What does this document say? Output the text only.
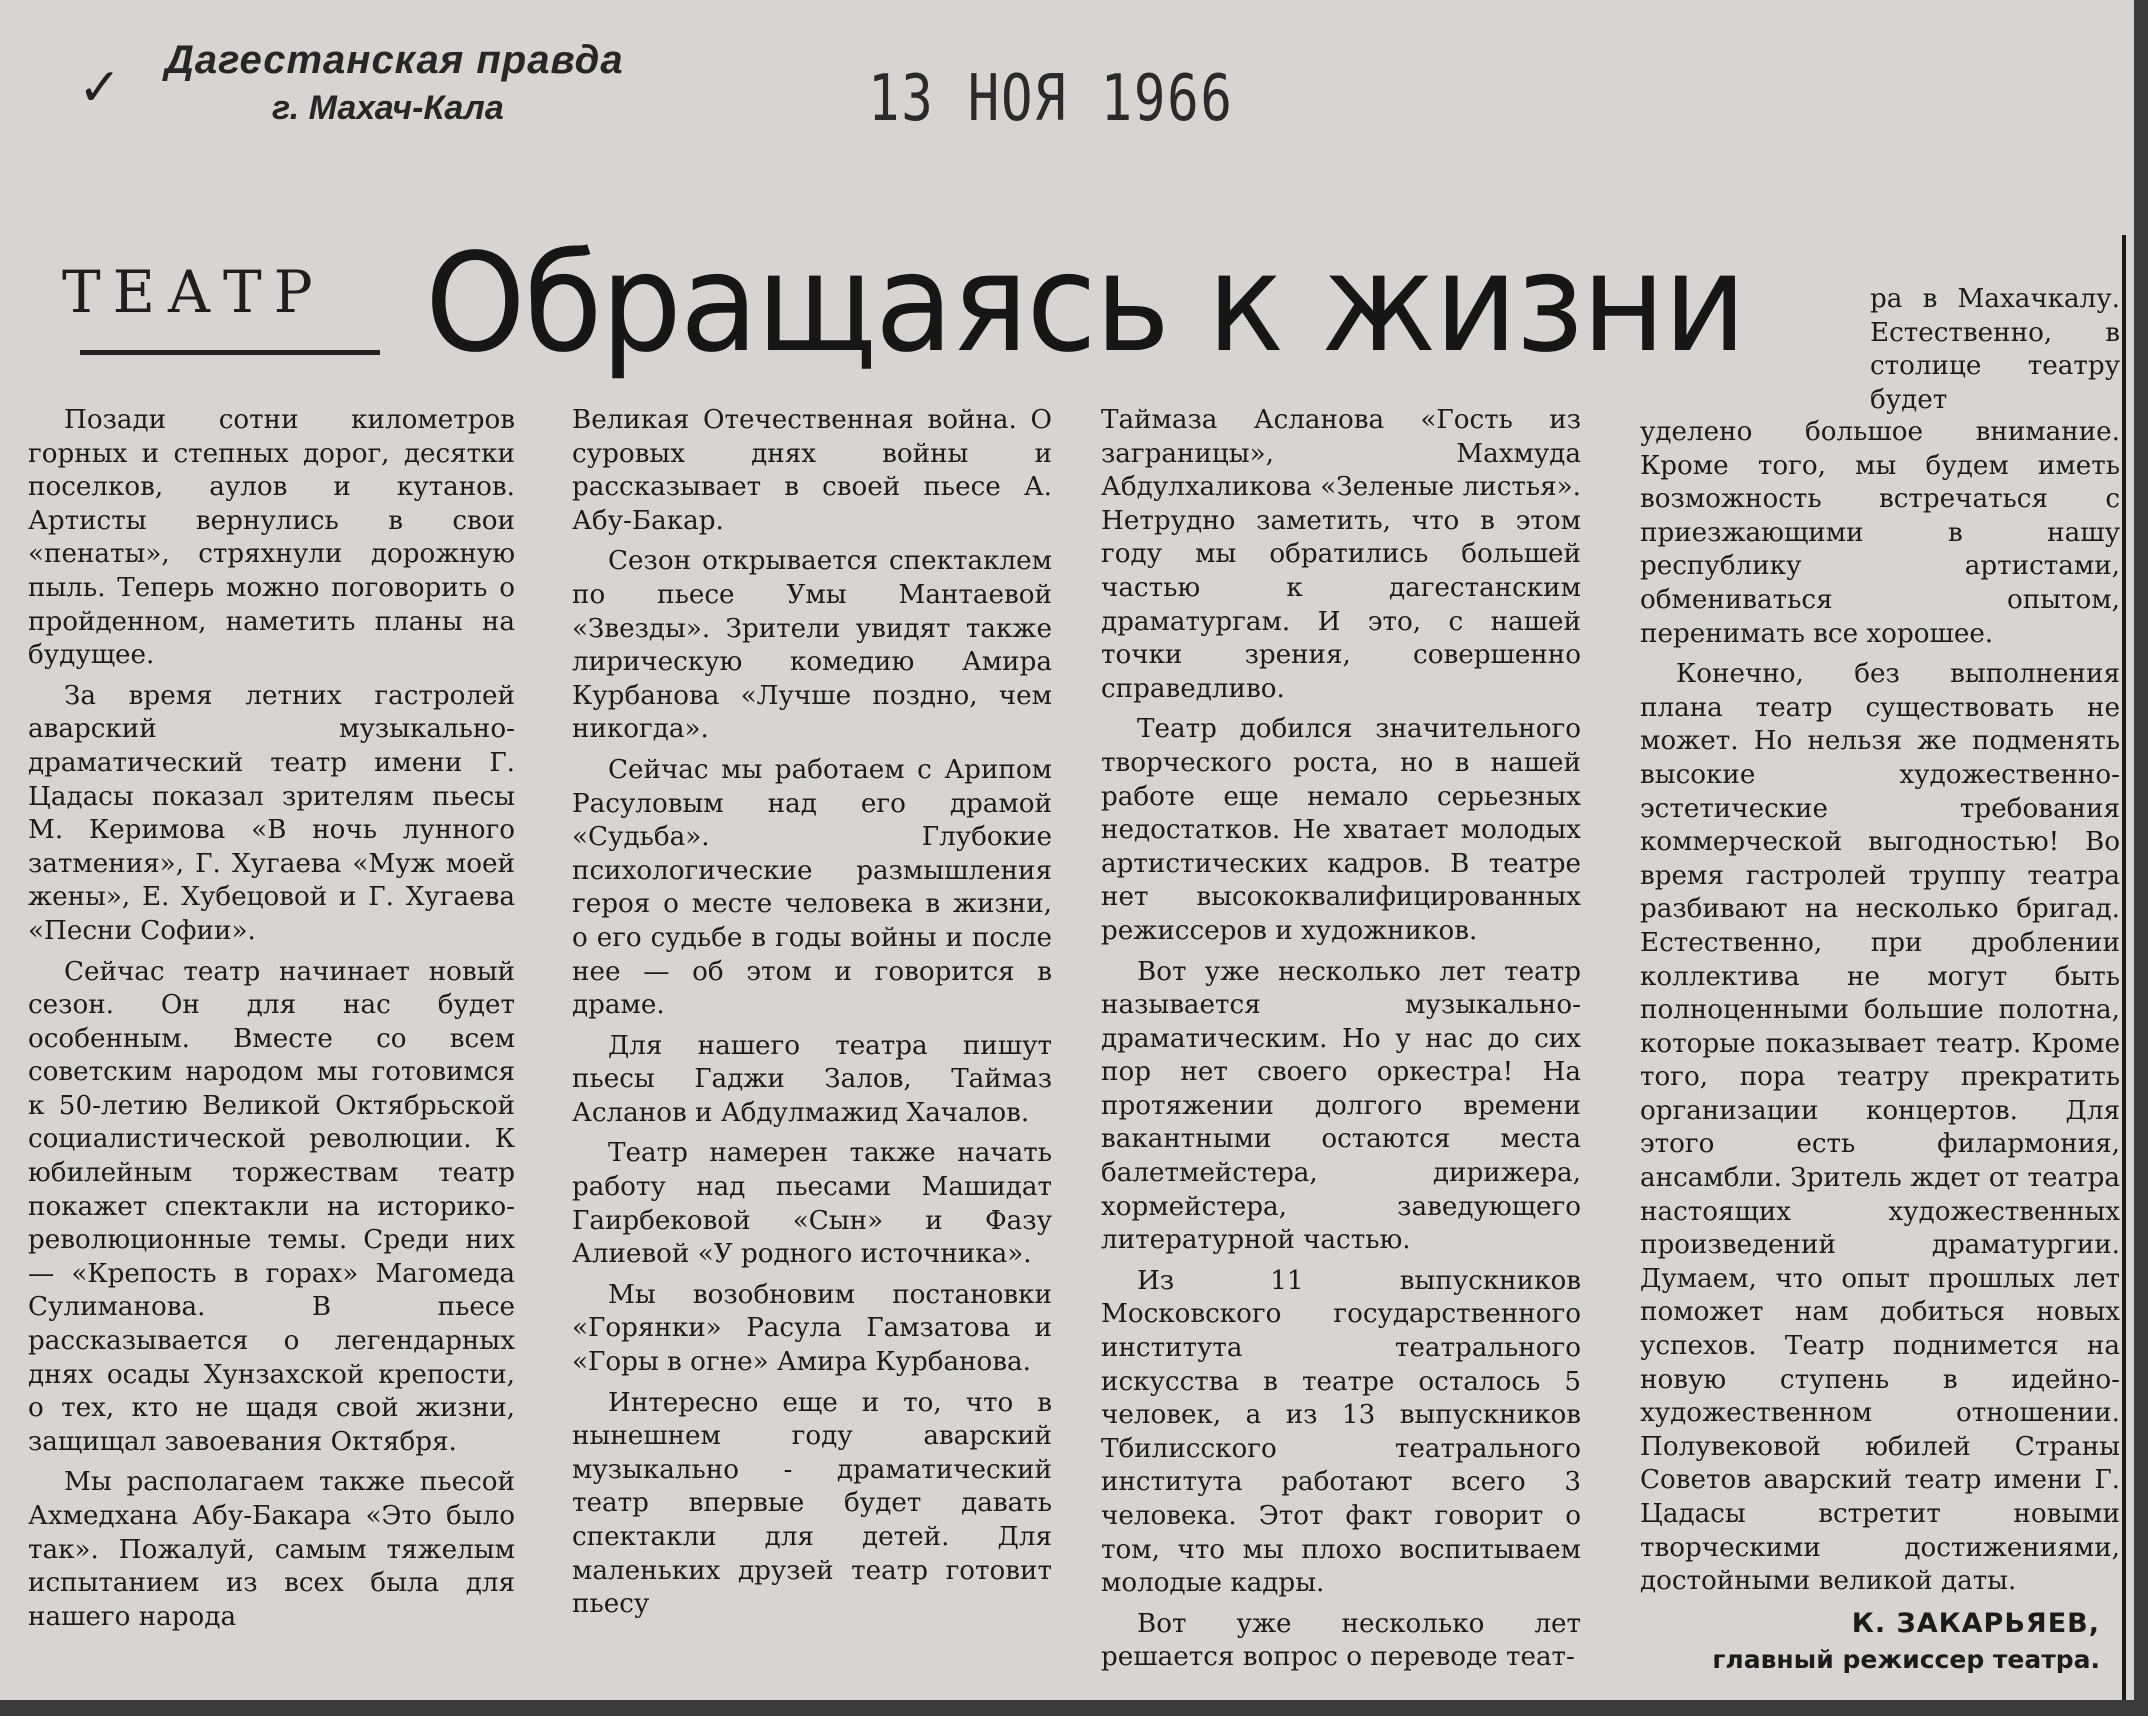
✓ Дагестанская правда
г. Махач-Кала	13 НОЯ 1966
ТЕАТР Обращаясь к жизни

Позади сотни километров горных и степных дорог, десятки поселков, аулов и кутанов. Артисты вернулись в свои «пенаты», стряхнули дорожную пыль. Теперь можно поговорить о пройденном, наметить планы на будущее.

За время летних гастролей аварский музыкально-драматический театр имени Г. Цадасы показал зрителям пьесы М. Керимова «В ночь лунного затмения», Г. Хугаева «Муж моей жены», Е. Хубецовой и Г. Хугаева «Песни Софии».

Сейчас театр начинает новый сезон. Он для нас будет особенным. Вместе со всем советским народом мы готовимся к 50-летию Великой Октябрьской социалистической революции. К юбилейным торжествам театр покажет спектакли на историко-революционные темы. Среди них — «Крепость в горах» Магомеда Сулиманова. В пьесе рассказывается о легендарных днях осады Хунзахской крепости, о тех, кто не щадя свой жизни, защищал завоевания Октября.

Мы располагаем также пьесой Ахмедхана Абу-Бакара «Это было так». Пожалуй, самым тяжелым испытанием из всех была для нашего народа

Великая Отечественная война. О суровых днях войны и рассказывает в своей пьесе А. Абу-Бакар.

Сезон открывается спектаклем по пьесе Умы Мантаевой «Звезды». Зрители увидят также лирическую комедию Амира Курбанова «Лучше поздно, чем никогда».

Сейчас мы работаем с Арипом Расуловым над его драмой «Судьба». Глубокие психологические размышления героя о месте человека в жизни, о его судьбе в годы войны и после нее — об этом и говорится в драме.

Для нашего театра пишут пьесы Гаджи Залов, Таймаз Асланов и Абдулмажид Хачалов.

Театр намерен также начать работу над пьесами Машидат Гаирбековой «Сын» и Фазу Алиевой «У родного источника».

Мы возобновим постановки «Горянки» Расула Гамзатова и «Горы в огне» Амира Курбанова.

Интересно еще и то, что в нынешнем году аварский музыкально - драматический театр впервые будет давать спектакли для детей. Для маленьких друзей театр готовит пьесу

Таймаза Асланова «Гость из заграницы», Махмуда Абдулхаликова «Зеленые листья». Нетрудно заметить, что в этом году мы обратились большей частью к дагестанским драматургам. И это, с нашей точки зрения, совершенно справедливо.

Театр добился значительного творческого роста, но в нашей работе еще немало серьезных недостатков. Не хватает молодых артистических кадров. В театре нет высококвалифицированных режиссеров и художников.

Вот уже несколько лет театр называется музыкально-драматическим. Но у нас до сих пор нет своего оркестра! На протяжении долгого времени вакантными остаются места балетмейстера, дирижера, хормейстера, заведующего литературной частью.

Из 11 выпускников Московского государственного института театрального искусства в театре осталось 5 человек, а из 13 выпускников Тбилисского театрального института работают всего 3 человека. Этот факт говорит о том, что мы плохо воспитываем молодые кадры.

Вот уже несколько лет решается вопрос о переводе теат-

ра в Махачкалу. Естественно, в столице театру будет

уделено большое внимание. Кроме того, мы будем иметь возможность встречаться с приезжающими в нашу республику артистами, обмениваться опытом, перенимать все хорошее.

Конечно, без выполнения плана театр существовать не может. Но нельзя же подменять высокие художественно-эстетические требования коммерческой выгодностью! Во время гастролей труппу театра разбивают на несколько бригад. Естественно, при дроблении коллектива не могут быть полноценными большие полотна, которые показывает театр. Кроме того, пора театру прекратить организации концертов. Для этого есть филармония, ансамбли. Зритель ждет от театра настоящих художественных произведений драматургии. Думаем, что опыт прошлых лет поможет нам добиться новых успехов. Театр поднимется на новую ступень в идейно-художественном отношении. Полувековой юбилей Страны Советов аварский театр имени Г. Цадасы встретит новыми творческими достижениями, достойными великой даты.

К. ЗАКАРЬЯЕВ,
главный режиссер театра.
